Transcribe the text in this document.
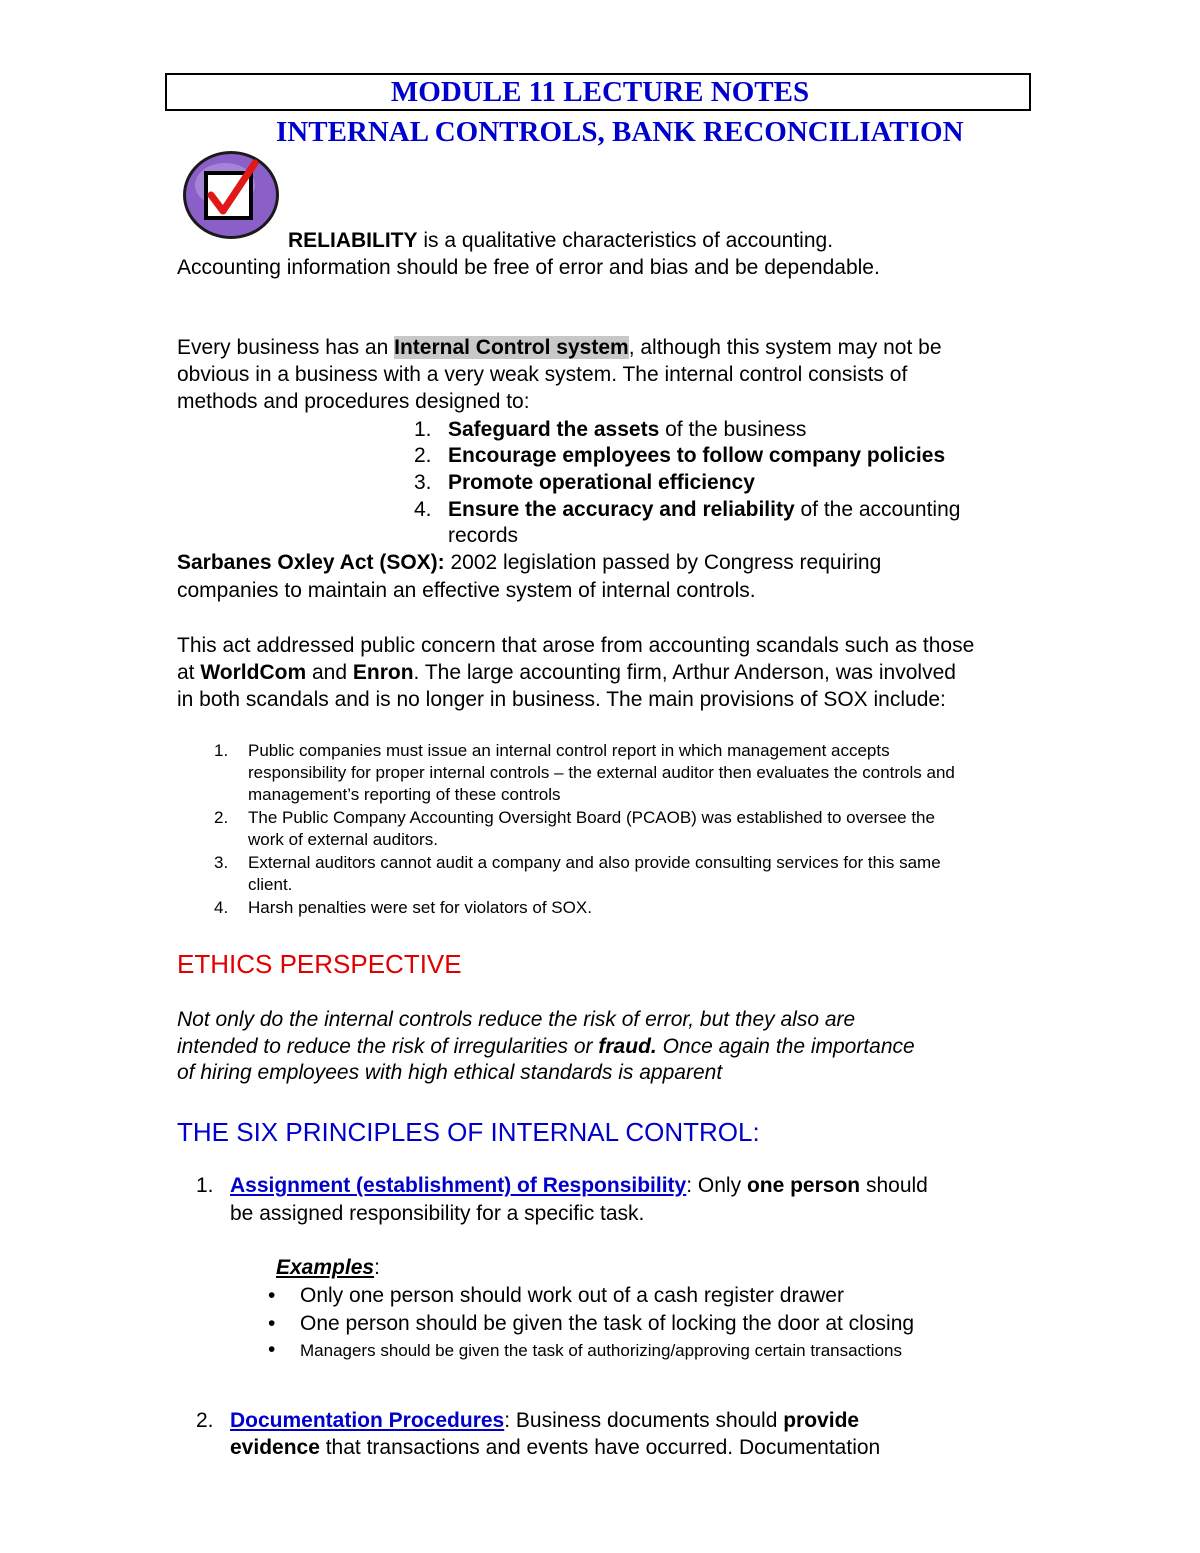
MODULE 11 LECTURE NOTES
INTERNAL CONTROLS, BANK RECONCILIATION
RELIABILITY is a qualitative characteristics of accounting.
Accounting information should be free of error and bias and be dependable.
Every business has an Internal Control system, although this system may not be
obvious in a business with a very weak system. The internal control consists of
methods and procedures designed to:
1. Safeguard the assets of the business
2. Encourage employees to follow company policies
3. Promote operational efficiency
4. Ensure the accuracy and reliability of the accounting
records
Sarbanes Oxley Act (SOX): 2002 legislation passed by Congress requiring
companies to maintain an effective system of internal controls.
This act addressed public concern that arose from accounting scandals such as those
at WorldCom and Enron. The large accounting firm, Arthur Anderson, was involved
in both scandals and is no longer in business. The main provisions of SOX include:
1. Public companies must issue an internal control report in which management accepts
responsibility for proper internal controls – the external auditor then evaluates the controls and
management’s reporting of these controls
2. The Public Company Accounting Oversight Board (PCAOB) was established to oversee the
work of external auditors.
3. External auditors cannot audit a company and also provide consulting services for this same
client.
4. Harsh penalties were set for violators of SOX.
ETHICS PERSPECTIVE
Not only do the internal controls reduce the risk of error, but they also are
intended to reduce the risk of irregularities or fraud. Once again the importance
of hiring employees with high ethical standards is apparent
THE SIX PRINCIPLES OF INTERNAL CONTROL:
1. Assignment (establishment) of Responsibility: Only one person should
be assigned responsibility for a specific task.
Examples:
• Only one person should work out of a cash register drawer
• One person should be given the task of locking the door at closing
• Managers should be given the task of authorizing/approving certain transactions
2. Documentation Procedures: Business documents should provide
evidence that transactions and events have occurred. Documentation
